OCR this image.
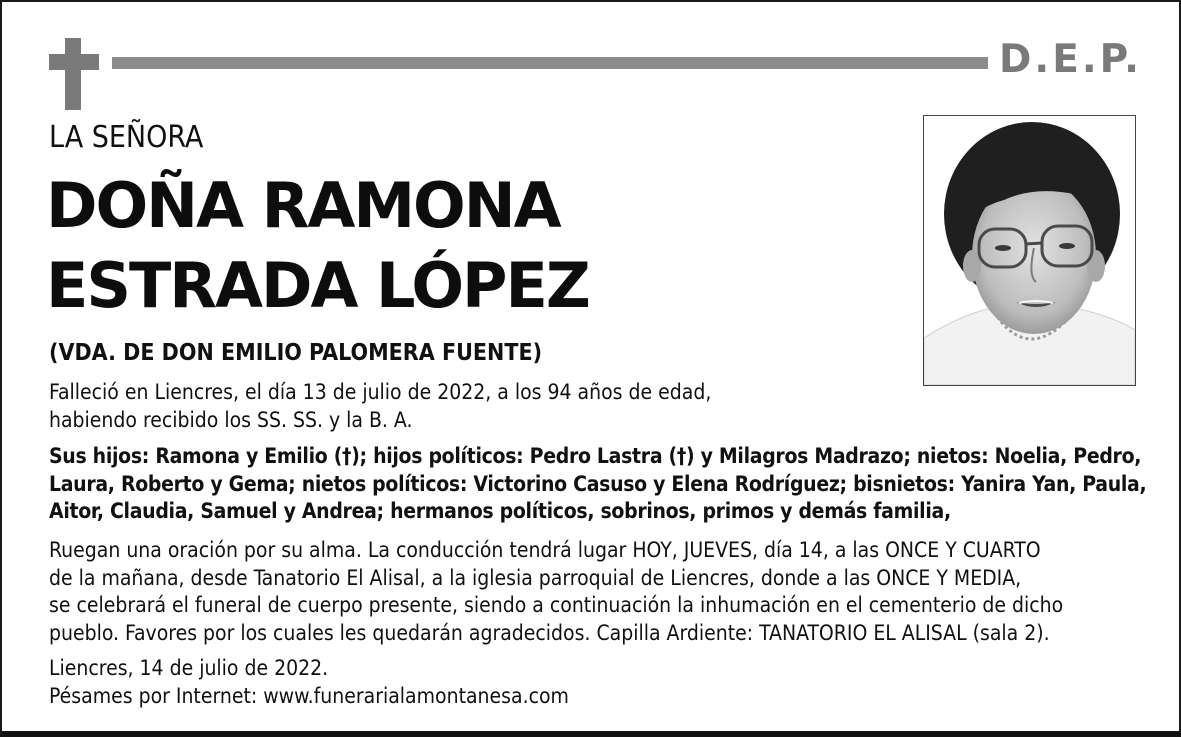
D.E.P.
LA SEÑORA
DOÑA RAMONA
ESTRADA LÓPEZ
(VDA. DE DON EMILIO PALOMERA FUENTE)
Falleció en Liencres, el día 13 de julio de 2022, a los 94 años de edad,
habiendo recibido los SS. SS. y la B. A.
Sus hijos: Ramona y Emilio (†); hijos políticos: Pedro Lastra (†) y Milagros Madrazo; nietos: Noelia, Pedro,
Laura, Roberto y Gema; nietos políticos: Victorino Casuso y Elena Rodríguez; bisnietos: Yanira Yan, Paula,
Aitor, Claudia, Samuel y Andrea; hermanos políticos, sobrinos, primos y demás familia,
Ruegan una oración por su alma. La conducción tendrá lugar HOY, JUEVES, día 14, a las ONCE Y CUARTO
de la mañana, desde Tanatorio El Alisal, a la iglesia parroquial de Liencres, donde a las ONCE Y MEDIA,
se celebrará el funeral de cuerpo presente, siendo a continuación la inhumación en el cementerio de dicho
pueblo. Favores por los cuales les quedarán agradecidos. Capilla Ardiente: TANATORIO EL ALISAL (sala 2).
Liencres, 14 de julio de 2022.
Pésames por Internet: www.funerarialamontanesa.com
